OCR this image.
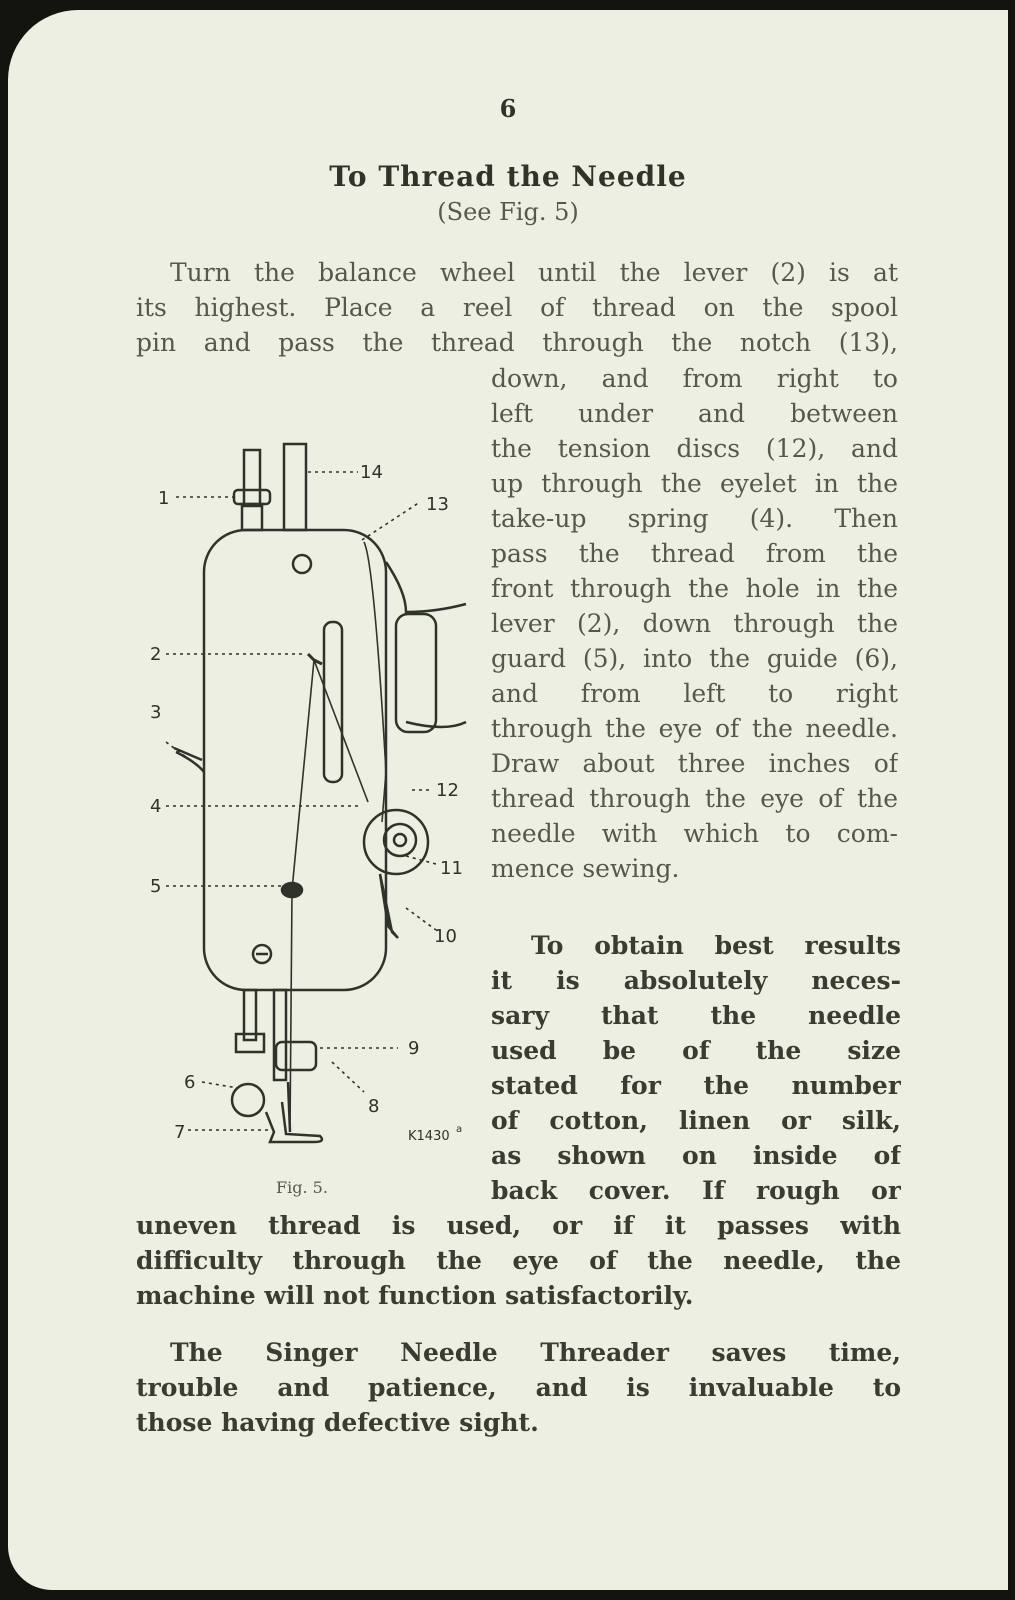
6
To Thread the Needle
(See Fig. 5)
Turn the balance wheel until the lever (2) is at
its highest. Place a reel of thread on the spool
pin and pass the thread through the notch (13),
down, and from right to
left under and between
the tension discs (12), and
up through the eyelet in the
take-up spring (4). Then
pass the thread from the
front through the hole in the
lever (2), down through the
guard (5), into the guide (6),
and from left to right
through the eye of the needle.
Draw about three inches of
thread through the eye of the
needle with which to com-
mence sewing.
To obtain best results
it is absolutely neces-
sary that the needle
used be of the size
stated for the number
of cotton, linen or silk,
as shown on inside of
back cover. If rough or
uneven thread is used, or if it passes with
difficulty through the eye of the needle, the
machine will not function satisfactorily.
The Singer Needle Threader saves time,
trouble and patience, and is invaluable to
those having defective sight.
1
2
3
4
5
6
7
8
9
10
11
12
13
14
K1430 a
Fig. 5.
